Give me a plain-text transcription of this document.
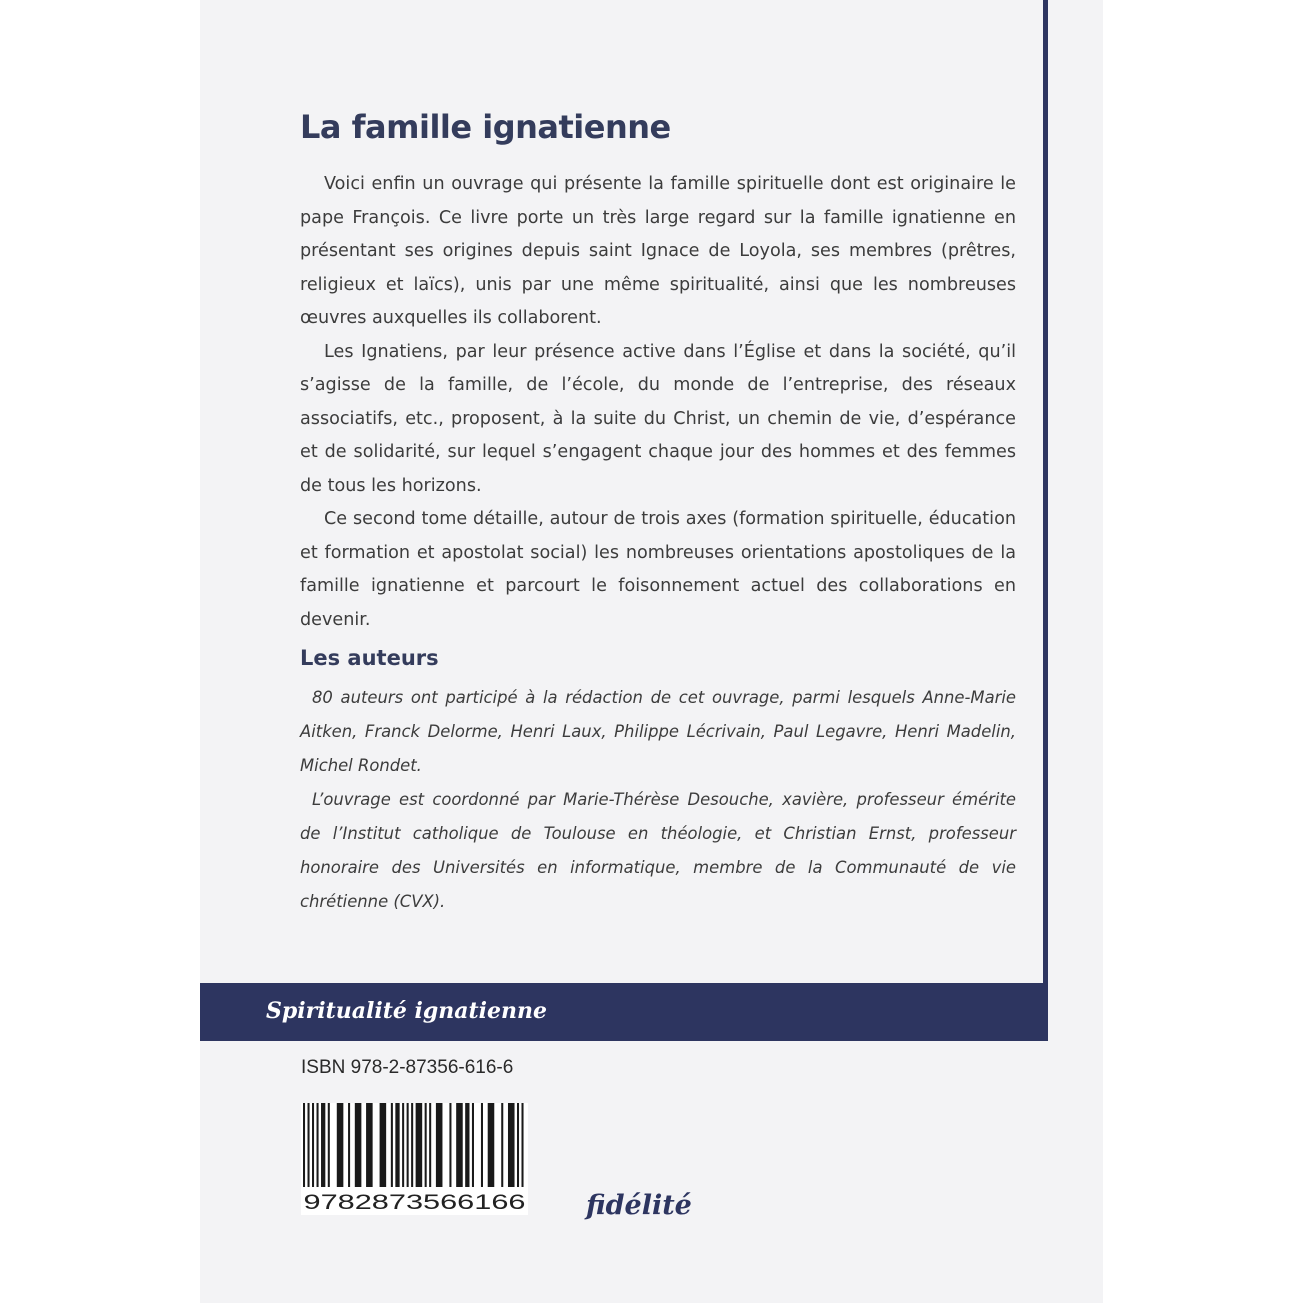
La famille ignatienne

Voici enfin un ouvrage qui présente la famille spirituelle dont est originaire le pape François. Ce livre porte un très large regard sur la famille ignatienne en présentant ses origines depuis saint Ignace de Loyola, ses membres (prêtres, religieux et laïcs), unis par une même spiritualité, ainsi que les nombreuses œuvres auxquelles ils collaborent.

Les Ignatiens, par leur présence active dans l’Église et dans la société, qu’il s’agisse de la famille, de l’école, du monde de l’entreprise, des réseaux associatifs, etc., proposent, à la suite du Christ, un chemin de vie, d’espérance et de solidarité, sur lequel s’engagent chaque jour des hommes et des femmes de tous les horizons.

Ce second tome détaille, autour de trois axes (formation spirituelle, éducation et formation et apostolat social) les nombreuses orientations apostoliques de la famille ignatienne et parcourt le foisonnement actuel des collaborations en devenir.

Les auteurs

80 auteurs ont participé à la rédaction de cet ouvrage, parmi lesquels Anne-Marie Aitken, Franck Delorme, Henri Laux, Philippe Lécrivain, Paul Legavre, Henri Madelin, Michel Rondet.

L’ouvrage est coordonné par Marie-Thérèse Desouche, xavière, professeur émérite de l’Institut catholique de Toulouse en théologie, et Christian Ernst, professeur honoraire des Universités en informatique, membre de la Communauté de vie chrétienne (CVX).

Spiritualité ignatienne
ISBN 978-2-87356-616-6
9782873566166 fidélité
